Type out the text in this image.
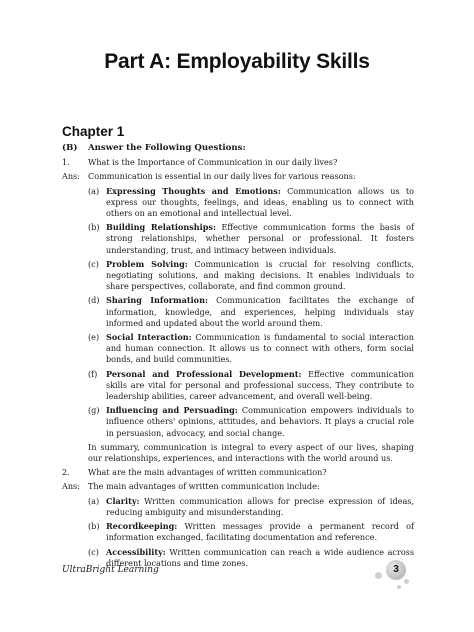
Part A: Employability Skills
Chapter 1
(B)	Answer the Following Questions:
1.	What is the Importance of Communication in our daily lives?
Ans: Communication is essential in our daily lives for various reasons:
(a) Expressing Thoughts and Emotions: Communication allows us to express our thoughts, feelings, and ideas, enabling us to connect with others on an emotional and intellectual level.
(b) Building Relationships: Effective communication forms the basis of strong relationships, whether personal or professional. It fosters understanding, trust, and intimacy between individuals.
(c) Problem Solving: Communication is crucial for resolving conflicts, negotiating solutions, and making decisions. It enables individuals to share perspectives, collaborate, and find common ground.
(d) Sharing Information: Communication facilitates the exchange of information, knowledge, and experiences, helping individuals stay informed and updated about the world around them.
(e) Social Interaction: Communication is fundamental to social interaction and human connection. It allows us to connect with others, form social bonds, and build communities.
(f)	Personal and Professional Development: Effective communication skills are vital for personal and professional success. They contribute to leadership abilities, career advancement, and overall well-being.
(g) Influencing and Persuading: Communication empowers individuals to influence others' opinions, attitudes, and behaviors. It plays a crucial role in persuasion, advocacy, and social change.
In summary, communication is integral to every aspect of our lives, shaping our relationships, experiences, and interactions with the world around us.
2.	What are the main advantages of written communication?
Ans: The main advantages of written communication include:
(a) Clarity: Written communication allows for precise expression of ideas, reducing ambiguity and misunderstanding.
(b) Recordkeeping: Written messages provide a permanent record of information exchanged, facilitating documentation and reference.
(c) Accessibility: Written communication can reach a wide audience across different locations and time zones.
UltraBright Learning	3
